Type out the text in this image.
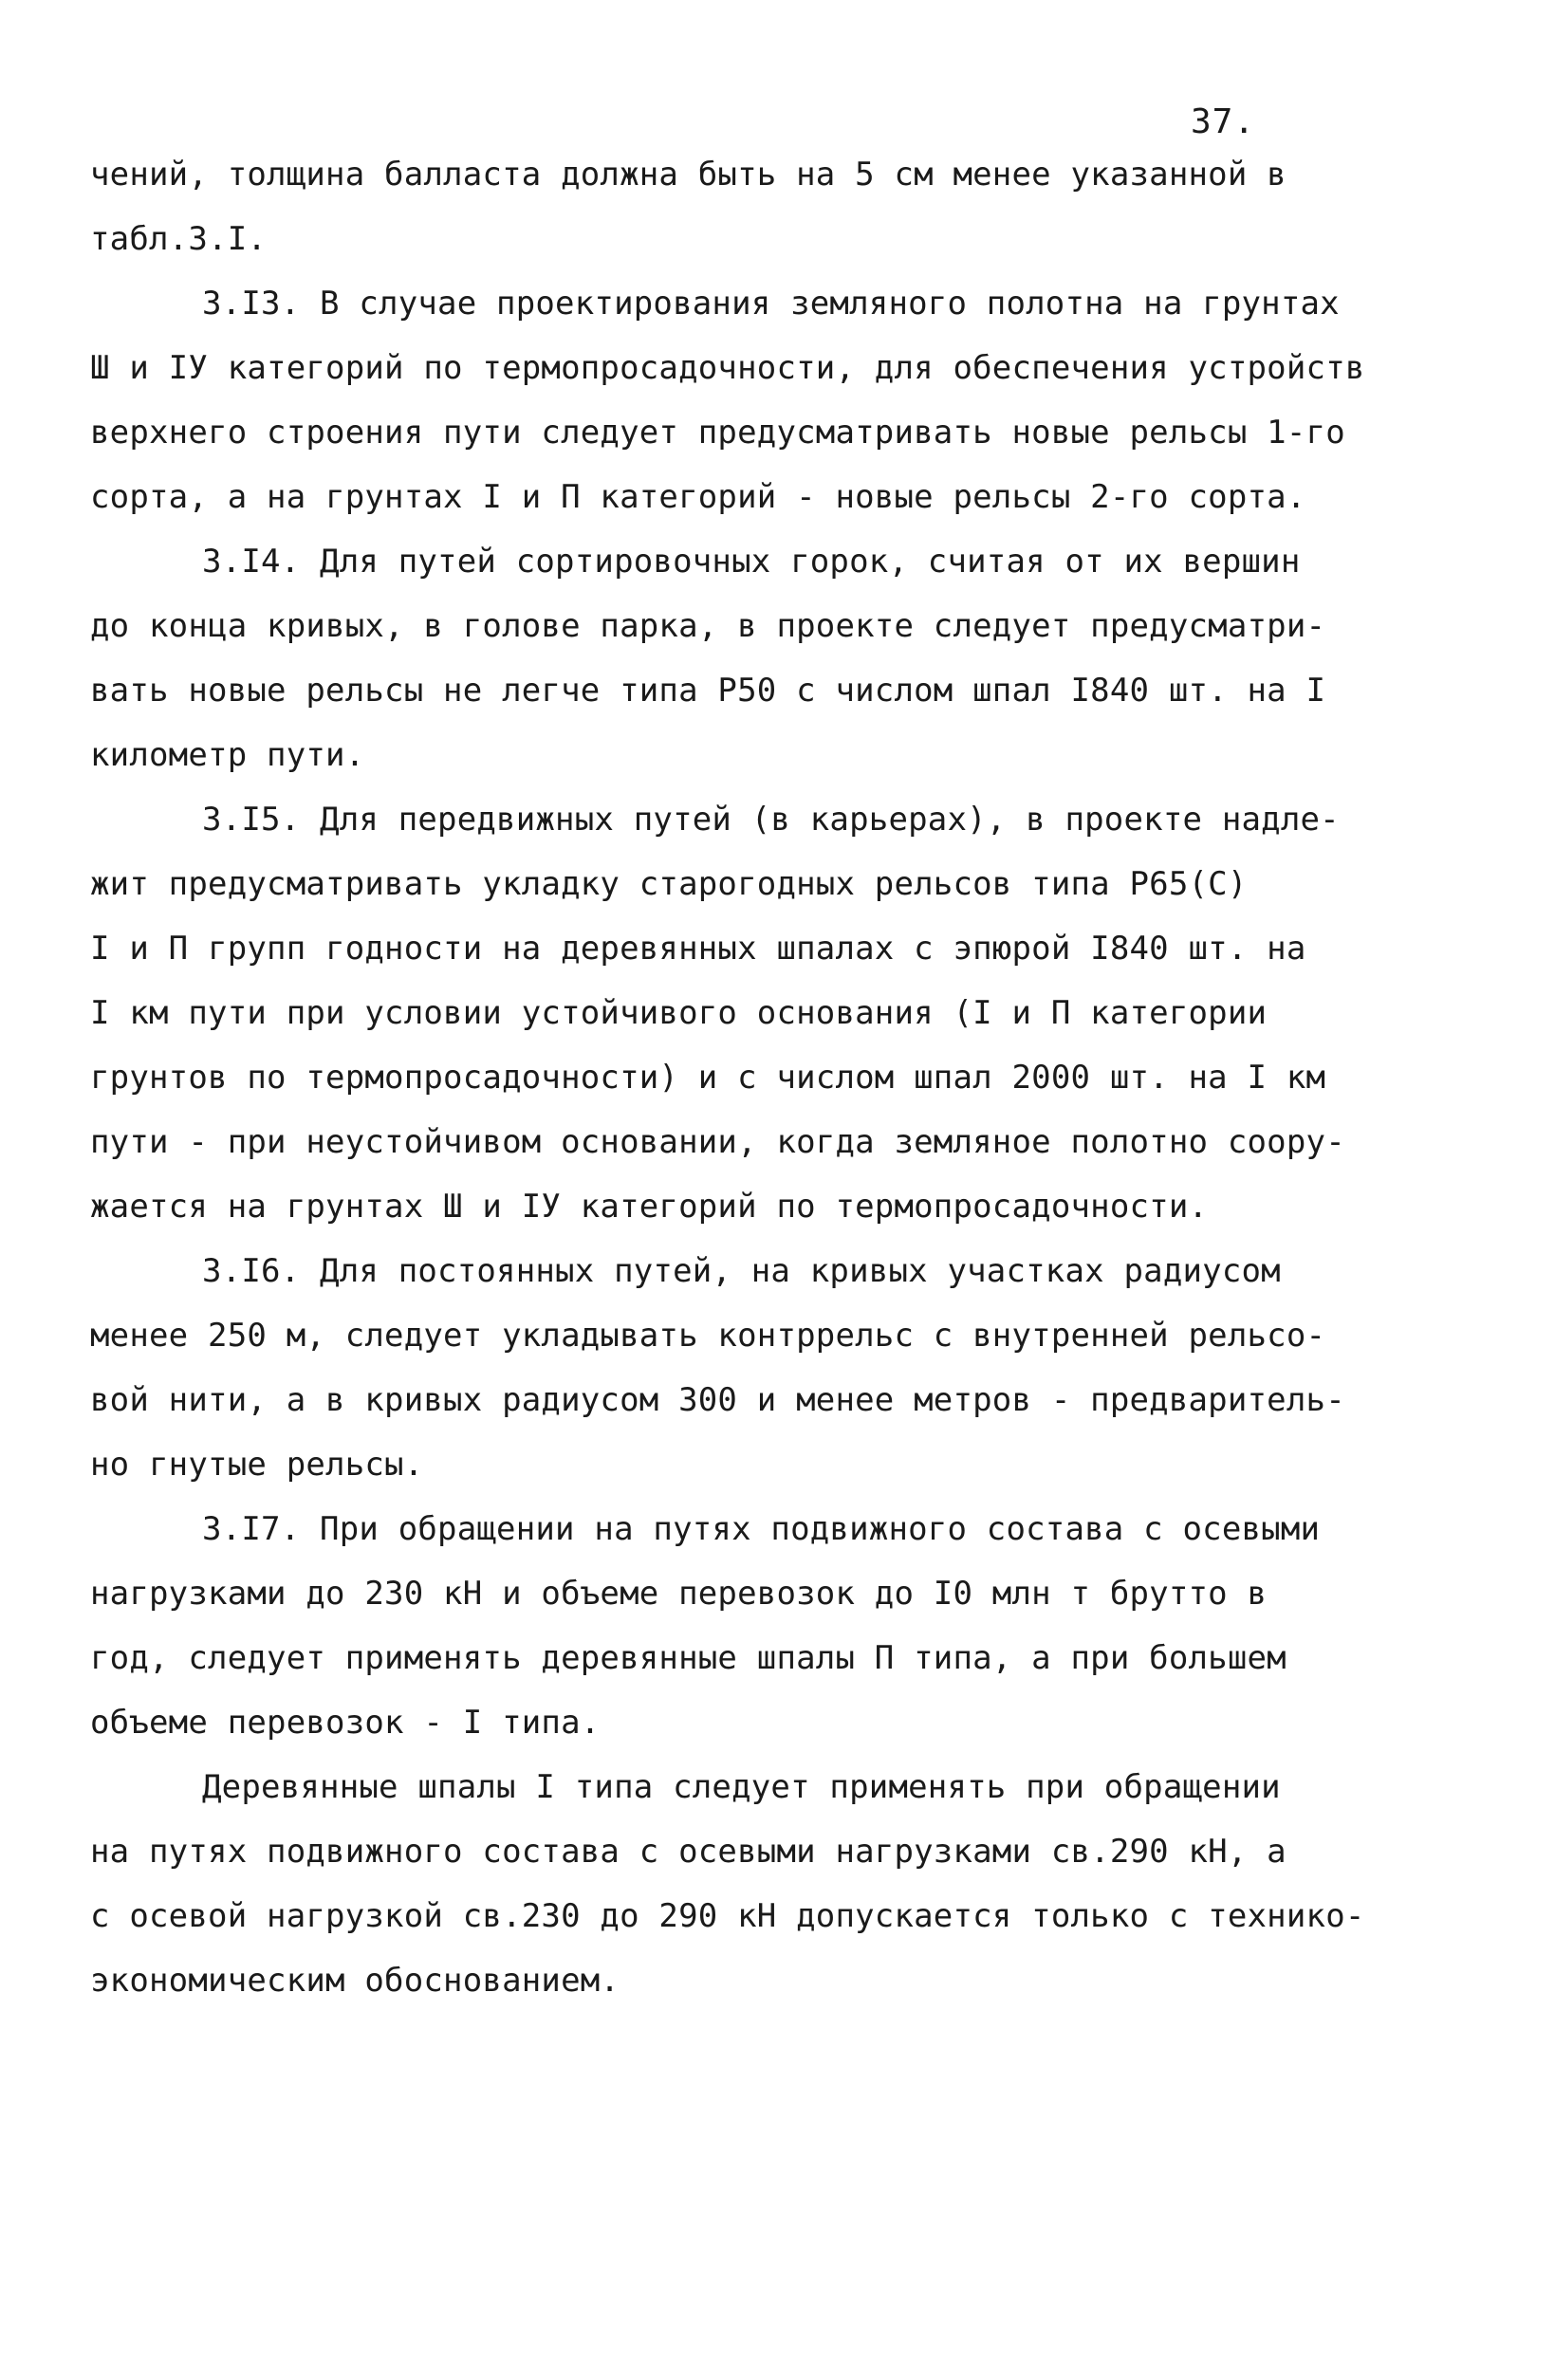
37.
чений, толщина балласта должна быть на 5 см менее указанной в
табл.3.I.
3.I3. В случае проектирования земляного полотна на грунтах
Ш и IУ категорий по термопросадочности, для обеспечения устройств
верхнего строения пути следует предусматривать новые рельсы 1-го
сорта, а на грунтах I и П категорий - новые рельсы 2-го сорта.
3.I4. Для путей сортировочных горок, считая от их вершин
до конца кривых, в голове парка, в проекте следует предусматри-
вать новые рельсы не легче типа Р50 с числом шпал I840 шт. на I
километр пути.
3.I5. Для передвижных путей (в карьерах), в проекте надле-
жит предусматривать укладку старогодных рельсов типа Р65(С)
I и П групп годности на деревянных шпалах с эпюрой I840 шт. на
I км пути при условии устойчивого основания (I и П категории
грунтов по термопросадочности) и с числом шпал 2000 шт. на I км
пути - при неустойчивом основании, когда земляное полотно соору-
жается на грунтах Ш и IУ категорий по термопросадочности.
3.I6. Для постоянных путей, на кривых участках радиусом
менее 250 м, следует укладывать контррельс с внутренней рельсо-
вой нити, а в кривых радиусом 300 и менее метров - предваритель-
но гнутые рельсы.
3.I7. При обращении на путях подвижного состава с осевыми
нагрузками до 230 кН и объеме перевозок до I0 млн т брутто в
год, следует применять деревянные шпалы П типа, а при большем
объеме перевозок - I типа.
Деревянные шпалы I типа следует применять при обращении
на путях подвижного состава с осевыми нагрузками св.290 кН, а
с осевой нагрузкой св.230 до 290 кН допускается только с технико-
экономическим обоснованием.
